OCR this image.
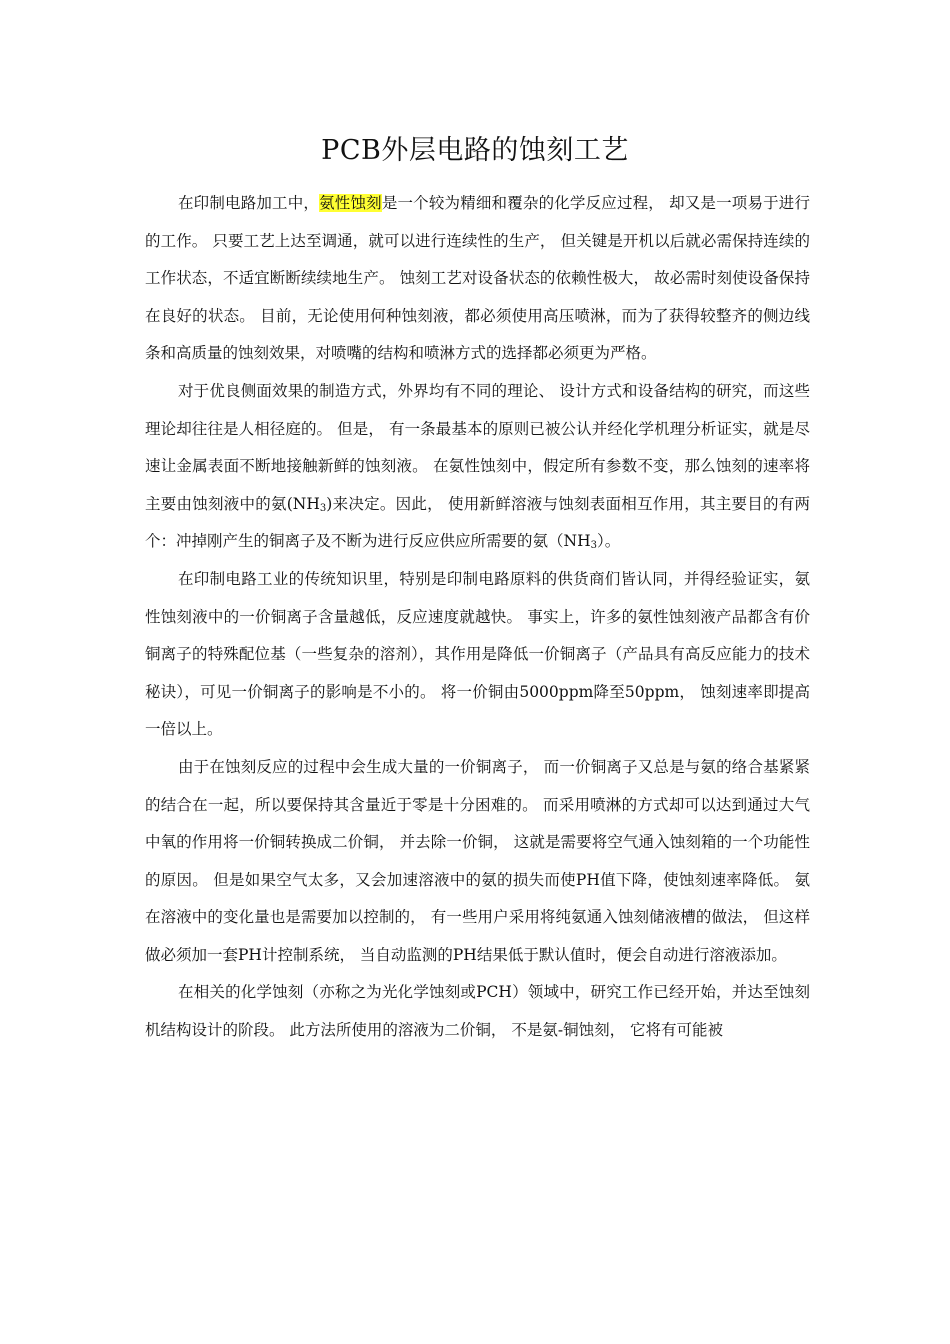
PCB外层电路的蚀刻工艺

在印制电路加工中，氨性蚀刻是一个较为精细和覆杂的化学反应过程， 却又是一项易于进行的工作。 只要工艺上达至调通，就可以进行连续性的生产， 但关键是开机以后就必需保持连续的工作状态，不适宜断断续续地生产。 蚀刻工艺对设备状态的依赖性极大， 故必需时刻使设备保持在良好的状态。 目前，无论使用何种蚀刻液，都必须使用高压喷淋，而为了获得较整齐的侧边线条和高质量的蚀刻效果，对喷嘴的结构和喷淋方式的选择都必须更为严格。

对于优良侧面效果的制造方式，外界均有不同的理论、 设计方式和设备结构的研究，而这些理论却往往是人相径庭的。 但是， 有一条最基本的原则已被公认并经化学机理分析证实，就是尽速让金属表面不断地接触新鲜的蚀刻液。 在氨性蚀刻中，假定所有参数不变，那么蚀刻的速率将主要由蚀刻液中的氨$(NH_3)$来决定。因此， 使用新鲜溶液与蚀刻表面相互作用，其主要目的有两个：冲掉刚产生的铜离子及不断为进行反应供应所需要的氨$(NH_3)$。

在印制电路工业的传统知识里，特别是印制电路原料的供货商们皆认同，并得经验证实，氨性蚀刻液中的一价铜离子含量越低，反应速度就越快。 事实上，许多的氨性蚀刻液产品都含有价铜离子的特殊配位基（一些复杂的溶剂），其作用是降低一价铜离子（产品具有高反应能力的技术秘诀），可见一价铜离子的影响是不小的。 将一价铜由5000ppm降至50ppm， 蚀刻速率即提高一倍以上。

由于在蚀刻反应的过程中会生成大量的一价铜离子， 而一价铜离子又总是与氨的络合基紧紧的结合在一起，所以要保持其含量近于零是十分困难的。 而采用喷淋的方式却可以达到通过大气中氧的作用将一价铜转换成二价铜， 并去除一价铜， 这就是需要将空气通入蚀刻箱的一个功能性的原因。 但是如果空气太多，又会加速溶液中的氨的损失而使PH值下降，使蚀刻速率降低。 氨在溶液中的变化量也是需要加以控制的， 有一些用户采用将纯氨通入蚀刻储液槽的做法， 但这样做必须加一套PH计控制系统， 当自动监测的PH结果低于默认值时，便会自动进行溶液添加。

在相关的化学蚀刻（亦称之为光化学蚀刻或PCH）领域中，研究工作已经开始，并达至蚀刻机结构设计的阶段。 此方法所使用的溶液为二价铜， 不是氨-铜蚀刻， 它将有可能被
